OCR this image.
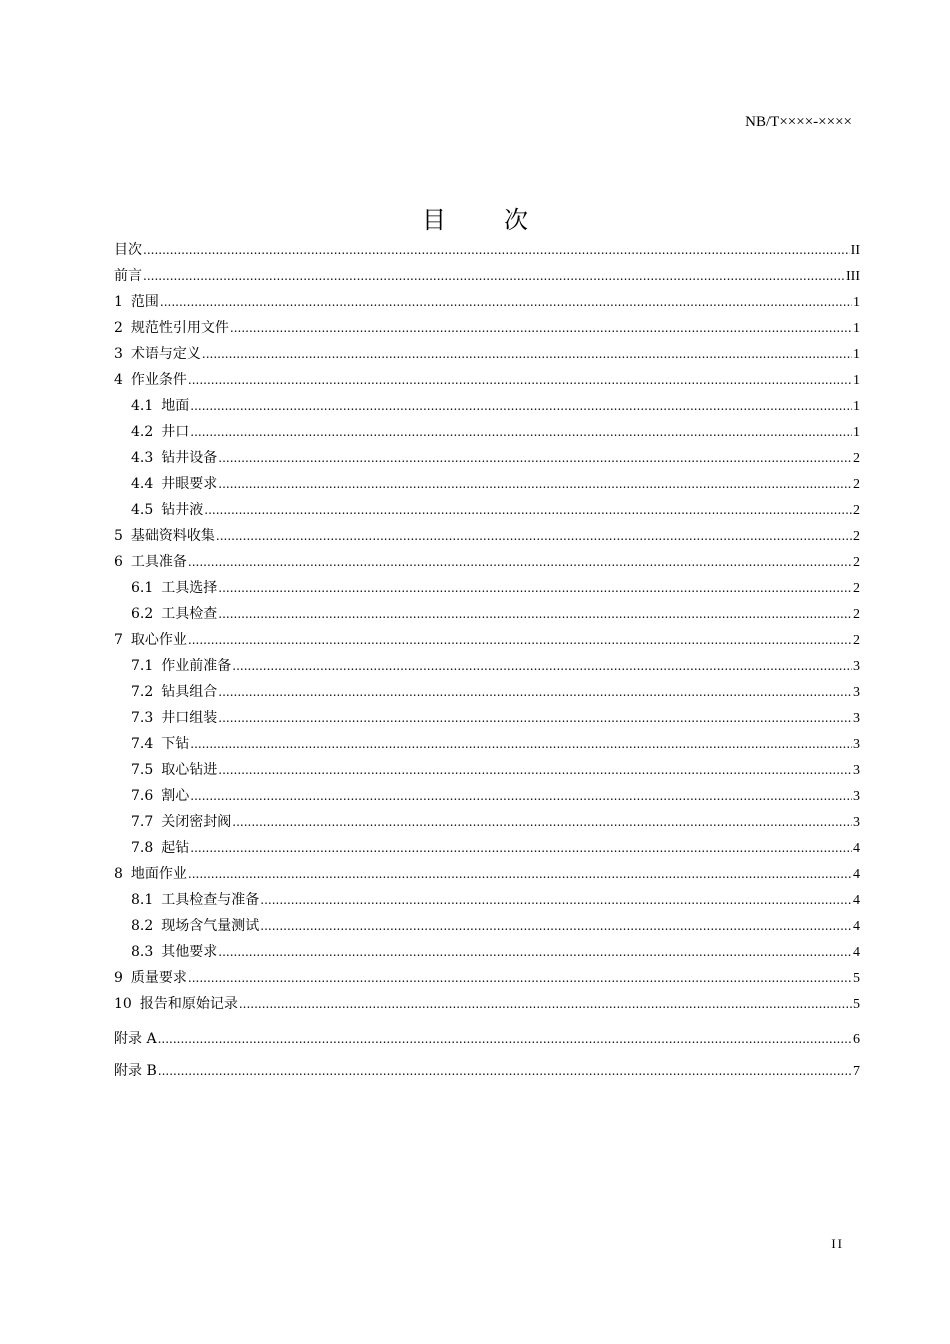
NB/T××××-××××
目次
目次 .....	II
前言 .....	III
1 范围 .....	1
2 规范性引用文件 .....	1
3 术语与定义 .....	1
4 作业条件 .....	1
4.1 地面 .....	1
4.2 井口 .....	1
4.3 钻井设备 .....	2
4.4 井眼要求 .....	2
4.5 钻井液 .....	2
5 基础资料收集 .....	2
6 工具准备 .....	2
6.1 工具选择 .....	2
6.2 工具检查 .....	2
7 取心作业 .....	2
7.1 作业前准备 .....	3
7.2 钻具组合 .....	3
7.3 井口组装 .....	3
7.4 下钻 .....	3
7.5 取心钻进 .....	3
7.6 割心 .....	3
7.7 关闭密封阀 .....	3
7.8 起钻 .....	4
8 地面作业 .....	4
8.1 工具检查与准备 .....	4
8.2 现场含气量测试 .....	4
8.3 其他要求 .....	4
9 质量要求 .....	5
10 报告和原始记录 .....	5
附录 A .....	6
附录 B .....	7
II
